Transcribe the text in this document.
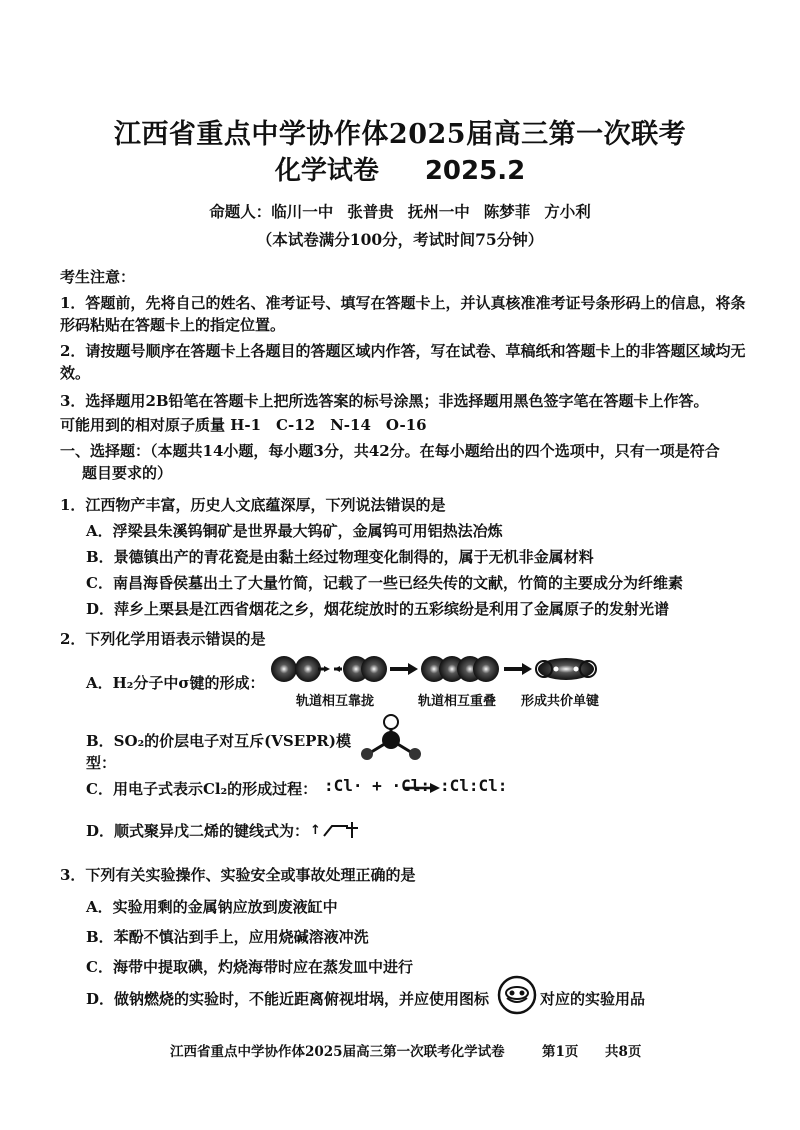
江西省重点中学协作体2025届高三第一次联考
化学试卷 2025.2
命题人：临川一中 张普贵 抚州一中 陈梦菲 方小利
（本试卷满分100分，考试时间75分钟）
考生注意：
1．答题前，先将自己的姓名、准考证号、填写在答题卡上，并认真核准准考证号条形码上的信息，将条形码粘贴在答题卡上的指定位置。
2．请按题号顺序在答题卡上各题目的答题区域内作答，写在试卷、草稿纸和答题卡上的非答题区域均无效。
3．选择题用2B铅笔在答题卡上把所选答案的标号涂黑；非选择题用黑色签字笔在答题卡上作答。
可能用到的相对原子质量 H-1　C-12　N-14　O-16
一、选择题：（本题共14小题，每小题3分，共42分。在每小题给出的四个选项中，只有一项是符合
题目要求的）
1．江西物产丰富，历史人文底蕴深厚，下列说法错误的是
A．浮梁县朱溪钨铜矿是世界最大钨矿，金属钨可用铝热法冶炼
B．景德镇出产的青花瓷是由黏土经过物理变化制得的，属于无机非金属材料
C．南昌海昏侯墓出土了大量竹简，记载了一些已经失传的文献，竹简的主要成分为纤维素
D．萍乡上栗县是江西省烟花之乡，烟花绽放时的五彩缤纷是利用了金属原子的发射光谱
2．下列化学用语表示错误的是
A．H₂分子中σ键的形成：
轨道相互靠拢	轨道相互重叠 形成共价单键
B．SO₂的价层电子对互斥(VSEPR)模型：
C．用电子式表示Cl₂的形成过程： :Cl· + ·Cl: :Cl:Cl:
D．顺式聚异戊二烯的键线式为： ↑
3．下列有关实验操作、实验安全或事故处理正确的是
A．实验用剩的金属钠应放到废液缸中
B．苯酚不慎沾到手上，应用烧碱溶液冲洗
C．海带中提取碘，灼烧海带时应在蒸发皿中进行
D．做钠燃烧的实验时，不能近距离俯视坩埚，并应使用图标	对应的实验用品
江西省重点中学协作体2025届高三第一次联考化学试卷	第1页 共8页
